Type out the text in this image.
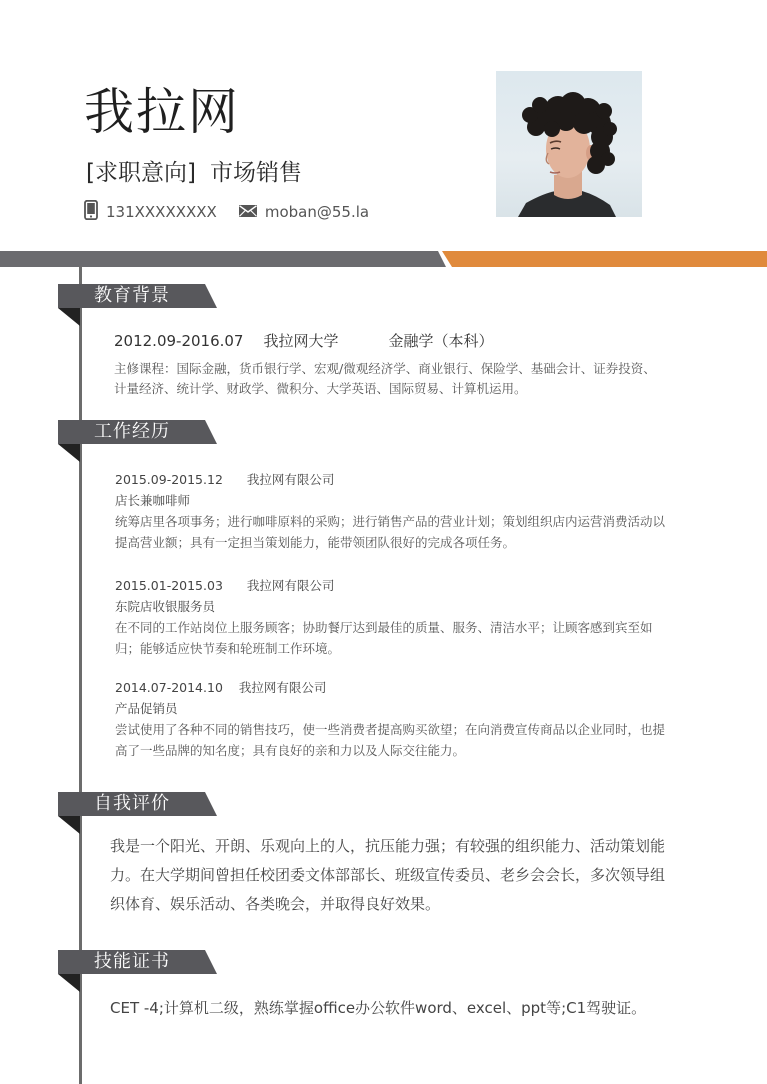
我拉网
[求职意向] 市场销售
131XXXXXXXX	moban@55.la
教育背景
工作经历
自我评价
技能证书
2012.09-2016.07 我拉网大学	金融学（本科）
主修课程：国际金融，货币银行学、宏观/微观经济学、商业银行、保险学、基础会计、证券投资、计量经济、统计学、财政学、微积分、大学英语、国际贸易、计算机运用。
2015.09-2015.12 我拉网有限公司
店长兼咖啡师
统筹店里各项事务；进行咖啡原料的采购；进行销售产品的营业计划；策划组织店内运营消费活动以提高营业额；具有一定担当策划能力，能带领团队很好的完成各项任务。
2015.01-2015.03 我拉网有限公司
东院店收银服务员
在不同的工作站岗位上服务顾客；协助餐厅达到最佳的质量、服务、清洁水平；让顾客感到宾至如归；能够适应快节奏和轮班制工作环境。
2014.07-2014.10 我拉网有限公司
产品促销员
尝试使用了各种不同的销售技巧，使一些消费者提高购买欲望；在向消费宣传商品以企业同时，也提高了一些品牌的知名度；具有良好的亲和力以及人际交往能力。
我是一个阳光、开朗、乐观向上的人，抗压能力强；有较强的组织能力、活动策划能力。在大学期间曾担任校团委文体部部长、班级宣传委员、老乡会会长，多次领导组织体育、娱乐活动、各类晚会，并取得良好效果。
CET -4;计算机二级，熟练掌握office办公软件word、excel、ppt等;C1驾驶证。
